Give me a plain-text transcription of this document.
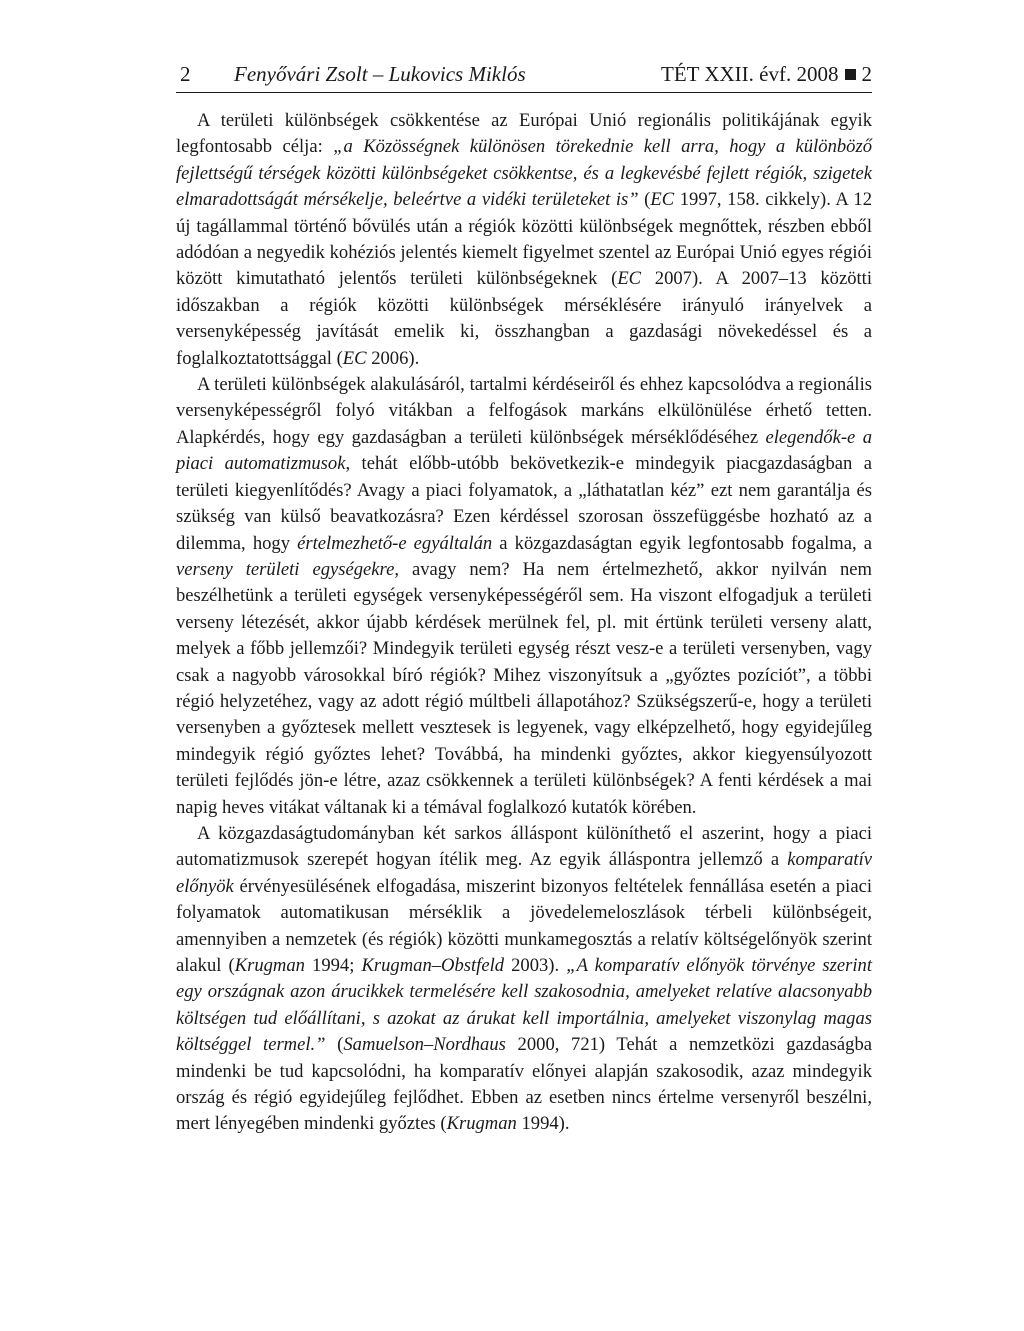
2 Fenyővári Zsolt – Lukovics Miklós	TÉT XXII. évf. 2008 2

A területi különbségek csökkentése az Európai Unió regionális politikájának egyik legfontosabb célja: „a Közösségnek különösen törekednie kell arra, hogy a különböző fejlettségű térségek közötti különbségeket csökkentse, és a legkevésbé fejlett régiók, szigetek elmaradottságát mérsékelje, beleértve a vidéki területeket is” (EC 1997, 158. cikkely). A 12 új tagállammal történő bővülés után a régiók közötti különbségek megnőttek, részben ebből adódóan a negyedik kohéziós jelentés kiemelt figyelmet szentel az Európai Unió egyes régiói között kimutatható jelentős területi különbségeknek (EC 2007). A 2007–13 közötti időszakban a régiók közötti különbségek mérséklésére irányuló irányelvek a versenyképesség javítását emelik ki, összhangban a gazdasági növekedéssel és a foglalkoztatottsággal (EC 2006).

A területi különbségek alakulásáról, tartalmi kérdéseiről és ehhez kapcsolódva a regionális versenyképességről folyó vitákban a felfogások markáns elkülönülése érhető tetten. Alapkérdés, hogy egy gazdaságban a területi különbségek mérséklődéséhez elegendők-e a piaci automatizmusok, tehát előbb-utóbb bekövetkezik-e mindegyik piacgazdaságban a területi kiegyenlítődés? Avagy a piaci folyamatok, a „láthatatlan kéz” ezt nem garantálja és szükség van külső beavatkozásra? Ezen kérdéssel szorosan összefüggésbe hozható az a dilemma, hogy értelmezhető-e egyáltalán a közgazdaságtan egyik legfontosabb fogalma, a verseny területi egységekre, avagy nem? Ha nem értelmezhető, akkor nyilván nem beszélhetünk a területi egységek versenyképességéről sem. Ha viszont elfogadjuk a területi verseny létezését, akkor újabb kérdések merülnek fel, pl. mit értünk területi verseny alatt, melyek a főbb jellemzői? Mindegyik területi egység részt vesz-e a területi versenyben, vagy csak a nagyobb városokkal bíró régiók? Mihez viszonyítsuk a „győztes pozíciót”, a többi régió helyzetéhez, vagy az adott régió múltbeli állapotához? Szükségszerű-e, hogy a területi versenyben a győztesek mellett vesztesek is legyenek, vagy elképzelhető, hogy egyidejűleg mindegyik régió győztes lehet? Továbbá, ha mindenki győztes, akkor kiegyensúlyozott területi fejlődés jön-e létre, azaz csökkennek a területi különbségek? A fenti kérdések a mai napig heves vitákat váltanak ki a témával foglalkozó kutatók körében.

A közgazdaságtudományban két sarkos álláspont különíthető el aszerint, hogy a piaci automatizmusok szerepét hogyan ítélik meg. Az egyik álláspontra jellemző a komparatív előnyök érvényesülésének elfogadása, miszerint bizonyos feltételek fennállása esetén a piaci folyamatok automatikusan mérséklik a jövedelemeloszlások térbeli különbségeit, amennyiben a nemzetek (és régiók) közötti munkamegosztás a relatív költségelőnyök szerint alakul (Krugman 1994; Krugman–Obstfeld 2003). „A komparatív előnyök törvénye szerint egy országnak azon árucikkek termelésére kell szakosodnia, amelyeket relatíve alacsonyabb költségen tud előállítani, s azokat az árukat kell importálnia, amelyeket viszonylag magas költséggel termel.” (Samuelson–Nordhaus 2000, 721) Tehát a nemzetközi gazdaságba mindenki be tud kapcsolódni, ha komparatív előnyei alapján szakosodik, azaz mindegyik ország és régió egyidejűleg fejlődhet. Ebben az esetben nincs értelme versenyről beszélni, mert lényegében mindenki győztes (Krugman 1994).
